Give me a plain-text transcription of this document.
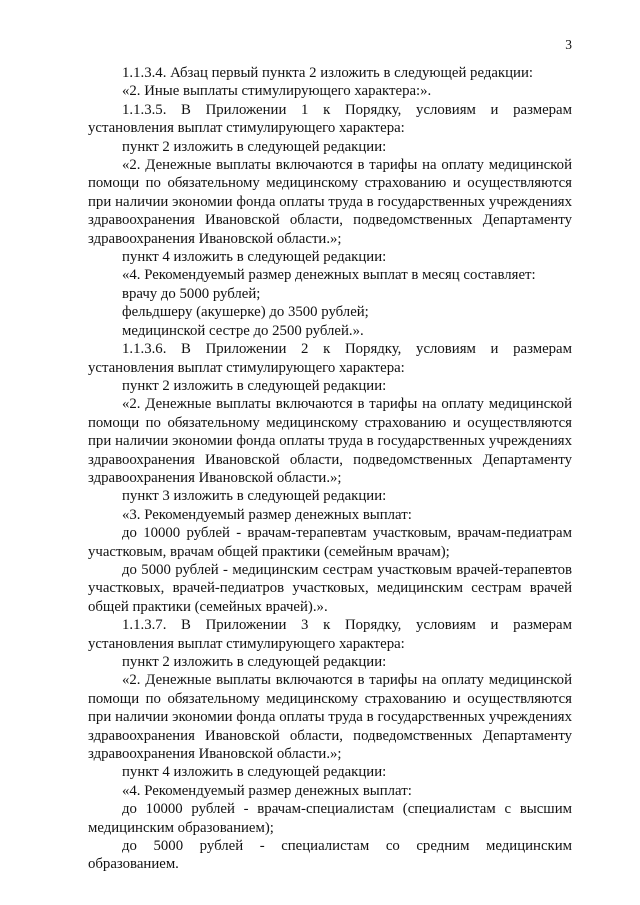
3

1.1.3.4. Абзац первый пункта 2 изложить в следующей редакции:

«2. Иные выплаты стимулирующего характера:».

1.1.3.5. В Приложении 1 к Порядку, условиям и размерам установления выплат стимулирующего характера:

пункт 2 изложить в следующей редакции:

«2. Денежные выплаты включаются в тарифы на оплату медицинской помощи по обязательному медицинскому страхованию и осуществляются при наличии экономии фонда оплаты труда в государственных учреждениях здравоохранения Ивановской области, подведомственных Департаменту здравоохранения Ивановской области.»;

пункт 4 изложить в следующей редакции:

«4. Рекомендуемый размер денежных выплат в месяц составляет:

врачу до 5000 рублей;

фельдшеру (акушерке) до 3500 рублей;

медицинской сестре до 2500 рублей.».

1.1.3.6. В Приложении 2 к Порядку, условиям и размерам установления выплат стимулирующего характера:

пункт 2 изложить в следующей редакции:

«2. Денежные выплаты включаются в тарифы на оплату медицинской помощи по обязательному медицинскому страхованию и осуществляются при наличии экономии фонда оплаты труда в государственных учреждениях здравоохранения Ивановской области, подведомственных Департаменту здравоохранения Ивановской области.»;

пункт 3 изложить в следующей редакции:

«3. Рекомендуемый размер денежных выплат:

до 10000 рублей - врачам-терапевтам участковым, врачам-педиатрам участковым, врачам общей практики (семейным врачам);

до 5000 рублей - медицинским сестрам участковым врачей-терапевтов участковых, врачей-педиатров участковых, медицинским сестрам врачей общей практики (семейных врачей).».

1.1.3.7. В Приложении 3 к Порядку, условиям и размерам установления выплат стимулирующего характера:

пункт 2 изложить в следующей редакции:

«2. Денежные выплаты включаются в тарифы на оплату медицинской помощи по обязательному медицинскому страхованию и осуществляются при наличии экономии фонда оплаты труда в государственных учреждениях здравоохранения Ивановской области, подведомственных Департаменту здравоохранения Ивановской области.»;

пункт 4 изложить в следующей редакции:

«4. Рекомендуемый размер денежных выплат:

до 10000 рублей - врачам-специалистам (специалистам с высшим медицинским образованием);

до 5000 рублей - специалистам со средним медицинским образованием.
